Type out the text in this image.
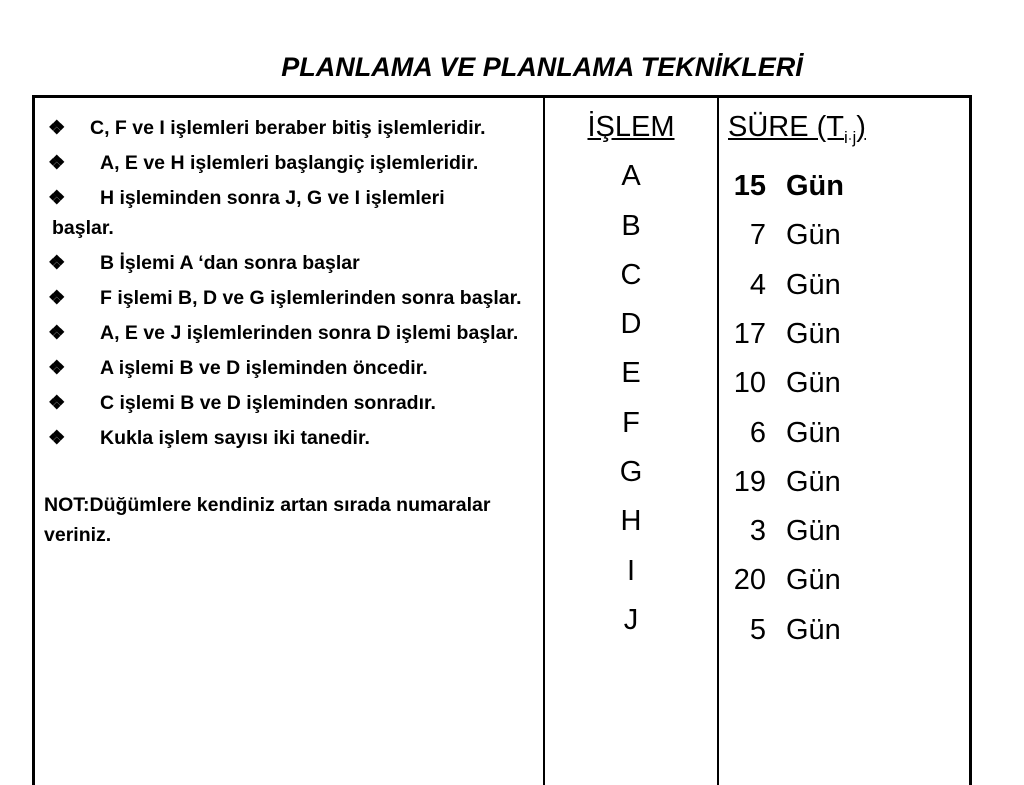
PLANLAMA VE PLANLAMA TEKNİKLERİ
❖ C, F ve I işlemleri beraber bitiş işlemleridir.
❖ A, E ve H işlemleri başlangiç işlemleridir.
❖ H işleminden sonra J, G ve I işlemleri
başlar.
❖ B İşlemi A ‘dan sonra başlar
❖ F işlemi B, D ve G işlemlerinden sonra başlar.
❖ A, E ve J işlemlerinden sonra D işlemi başlar.
❖ A işlemi B ve D işleminden öncedir.
❖ C işlemi B ve D işleminden sonradır.
❖ Kukla işlem sayısı iki tanedir.
NOT:Düğümlere kendiniz artan sırada numaralar veriniz.
İŞLEM
A
B
C
D
E
F
G
H
I
J
SÜRE $(T_{i j})$
15 Gün
7 Gün
4 Gün
17 Gün
10 Gün
6 Gün
19 Gün
3 Gün
20 Gün
5 Gün
